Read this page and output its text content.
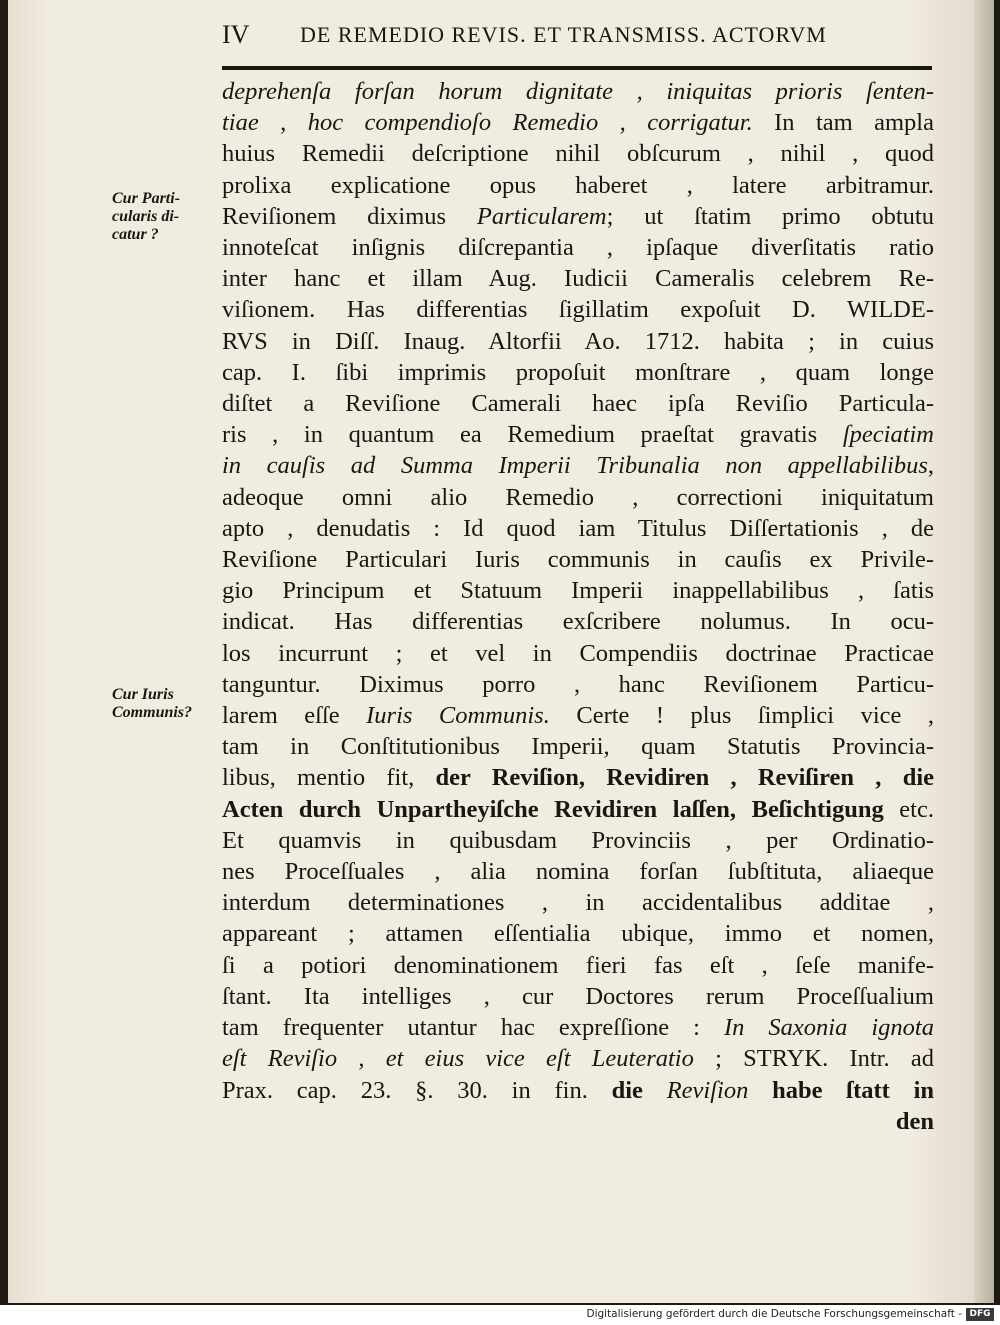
IV DE REMEDIO REVIS. ET TRANSMISS. ACTORVM
Cur Parti-
cularis di-
catur ?
Cur Iuris
Communis?
deprehenſa forſan horum dignitate , iniquitas prioris ſenten-
tiae , hoc compendioſo Remedio , corrigatur. In tam ampla
huius Remedii deſcriptione nihil obſcurum , nihil , quod
prolixa explicatione opus haberet , latere arbitramur.
Reviſionem diximus Particularem; ut ſtatim primo obtutu
innoteſcat inſignis diſcrepantia , ipſaque diverſitatis ratio
inter hanc et illam Aug. Iudicii Cameralis celebrem Re-
viſionem. Has differentias ſigillatim expoſuit D. WILDE-
RVS in Diſſ. Inaug. Altorfii Ao. 1712. habita ; in cuius
cap. I. ſibi imprimis propoſuit monſtrare , quam longe
diſtet a Reviſione Camerali haec ipſa Reviſio Particula-
ris , in quantum ea Remedium praeſtat gravatis ſpeciatim
in cauſis ad Summa Imperii Tribunalia non appellabilibus,
adeoque omni alio Remedio , correctioni iniquitatum
apto , denudatis : Id quod iam Titulus Diſſertationis , de
Reviſione Particulari Iuris communis in cauſis ex Privile-
gio Principum et Statuum Imperii inappellabilibus , ſatis
indicat. Has differentias exſcribere nolumus. In ocu-
los incurrunt ; et vel in Compendiis doctrinae Practicae
tanguntur. Diximus porro , hanc Reviſionem Particu-
larem eſſe Iuris Communis. Certe ! plus ſimplici vice ,
tam in Conſtitutionibus Imperii, quam Statutis Provincia-
libus, mentio fit, der Reviſion, Revidiren , Reviſiren , die
Acten durch Unpartheyiſche Revidiren laſſen, Beſichtigung etc.
Et quamvis in quibusdam Provinciis , per Ordinatio-
nes Proceſſuales , alia nomina forſan ſubſtituta, aliaeque
interdum determinationes , in accidentalibus additae ,
appareant ; attamen eſſentialia ubique, immo et nomen,
ſi a potiori denominationem fieri fas eſt , ſeſe manife-
ſtant. Ita intelliges , cur Doctores rerum Proceſſualium
tam frequenter utantur hac expreſſione : In Saxonia ignota
eſt Reviſio , et eius vice eſt Leuteratio ; STRYK. Intr. ad
Prax. cap. 23. §. 30. in fin. die Reviſion habe ſtatt in
den
Digitalisierung gefördert durch die Deutsche Forschungsgemeinschaft - DFG
